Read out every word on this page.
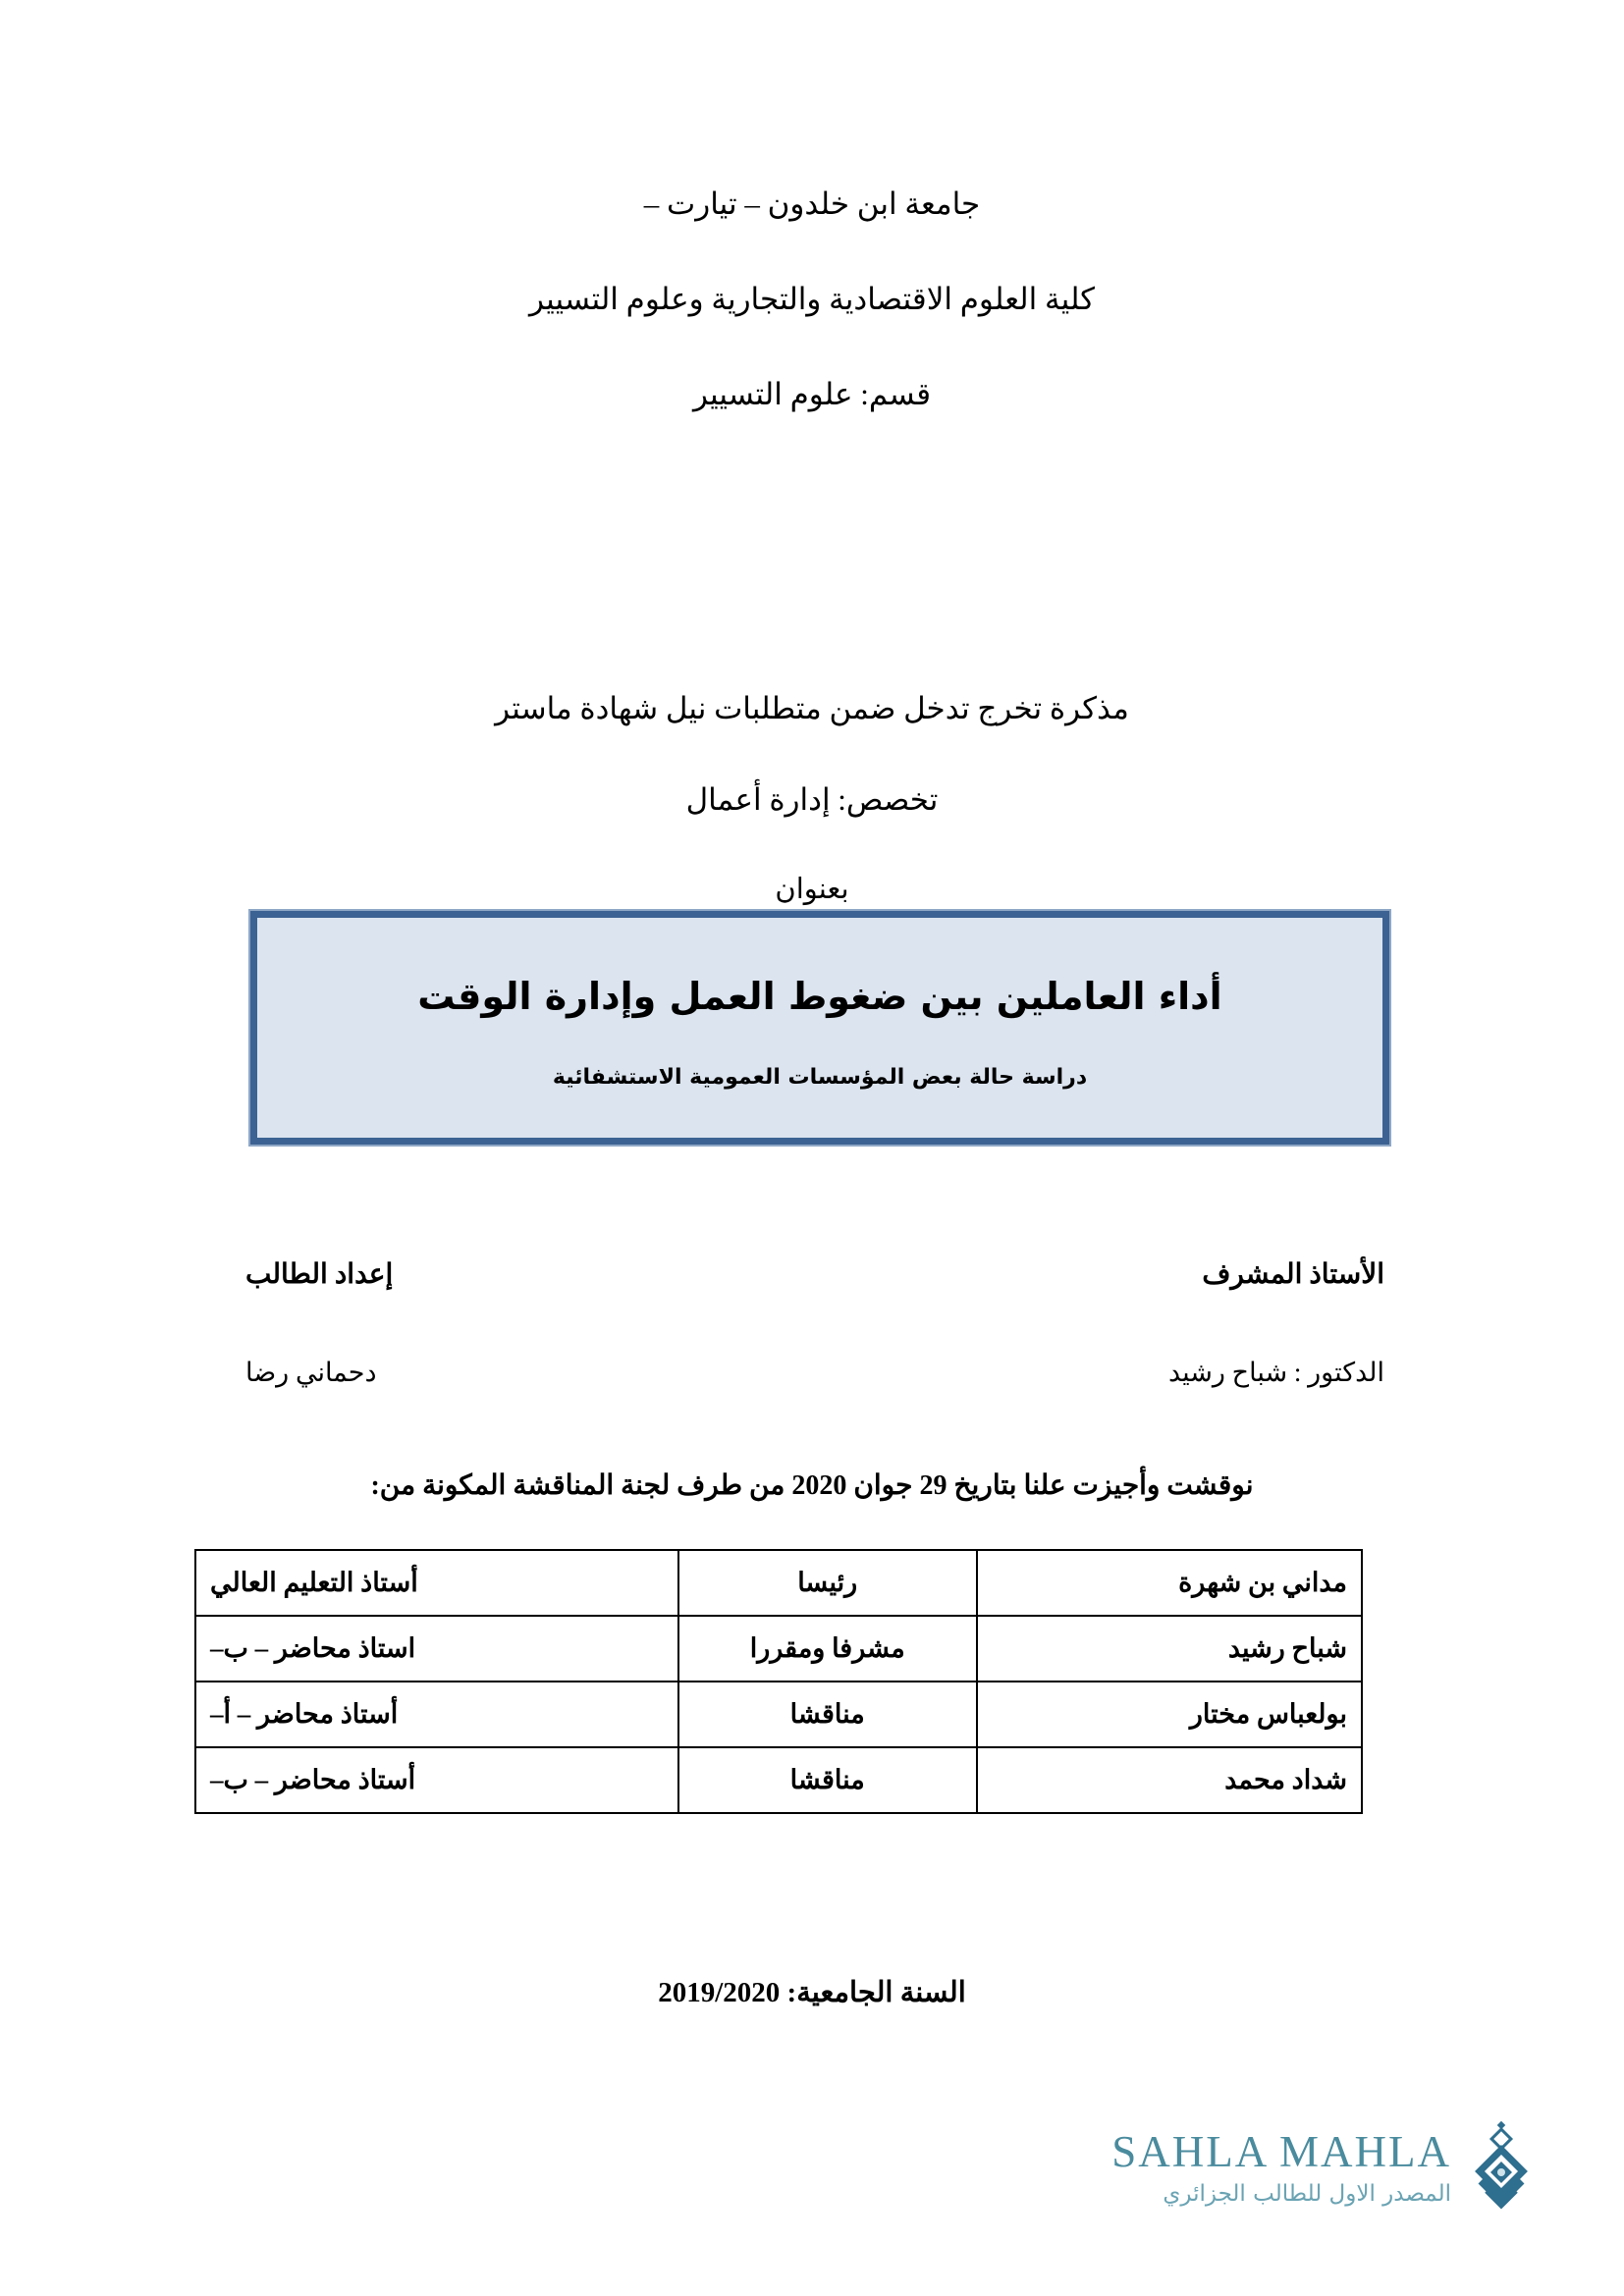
جامعة ابن خلدون – تيارت –
كلية العلوم الاقتصادية والتجارية وعلوم التسيير
قسم: علوم التسيير
مذكرة تخرج تدخل ضمن متطلبات نيل شهادة ماستر
تخصص: إدارة أعمال
بعنوان
أداء العاملين بين ضغوط العمل وإدارة الوقت
دراسة حالة بعض المؤسسات العمومية الاستشفائية
الأستاذ المشرف
إعداد الطالب
الدكتور : شباح رشيد
دحماني رضا
نوقشت وأجيزت علنا بتاريخ 29 جوان 2020 من طرف لجنة المناقشة المكونة من:
مداني بن شهرة	رئيسا	أستاذ التعليم العالي
شباح رشيد	مشرفا ومقررا	استاذ محاضر – ب–
بولعباس مختار	مناقشا	أستاذ محاضر – أ–
شداد محمد	مناقشا	أستاذ محاضر – ب–
السنة الجامعية: 2019/2020
SAHLA MAHLA
المصدر الاول للطالب الجزائري
